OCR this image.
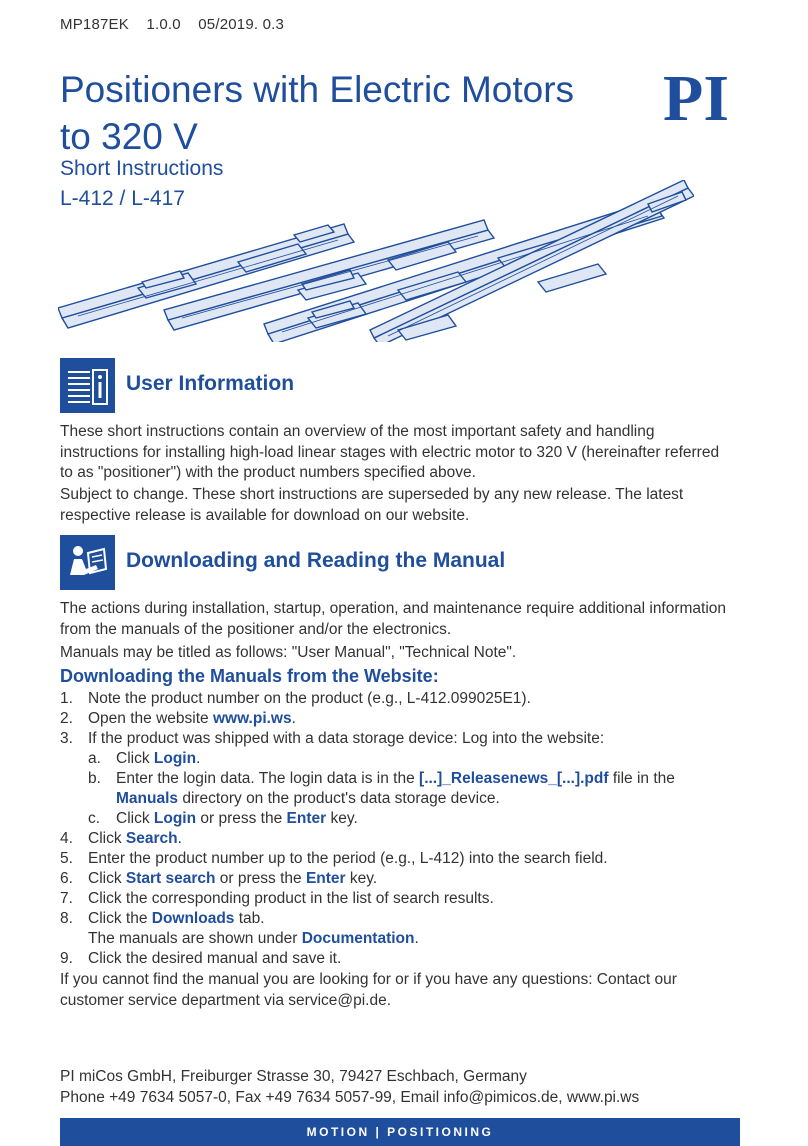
MP187EK    1.0.0    05/2019. 0.3
Positioners with Electric Motors
to 320 V
Short Instructions
L-412 / L-417
PI
User Information
These short instructions contain an overview of the most important safety and handling instructions for installing high-load linear stages with electric motor to 320 V (hereinafter referred to as "positioner") with the product numbers specified above.
Subject to change. These short instructions are superseded by any new release. The latest respective release is available for download on our website.
Downloading and Reading the Manual
The actions during installation, startup, operation, and maintenance require additional information from the manuals of the positioner and/or the electronics.
Manuals may be titled as follows: "User Manual", "Technical Note".
Downloading the Manuals from the Website:
1. Note the product number on the product (e.g., L-412.099025E1).
2. Open the website www.pi.ws.
3. If the product was shipped with a data storage device: Log into the website:
a. Click Login.
b. Enter the login data. The login data is in the [...]_Releasenews_[...].pdf file in the Manuals directory on the product's data storage device.
c. Click Login or press the Enter key.
4. Click Search.
5. Enter the product number up to the period (e.g., L-412) into the search field.
6. Click Start search or press the Enter key.
7. Click the corresponding product in the list of search results.
8. Click the Downloads tab.
The manuals are shown under Documentation.
9. Click the desired manual and save it.
If you cannot find the manual you are looking for or if you have any questions: Contact our customer service department via service@pi.de.
PI miCos GmbH, Freiburger Strasse 30, 79427 Eschbach, Germany
Phone +49 7634 5057-0, Fax +49 7634 5057-99, Email info@pimicos.de, www.pi.ws
MOTION | POSITIONING
